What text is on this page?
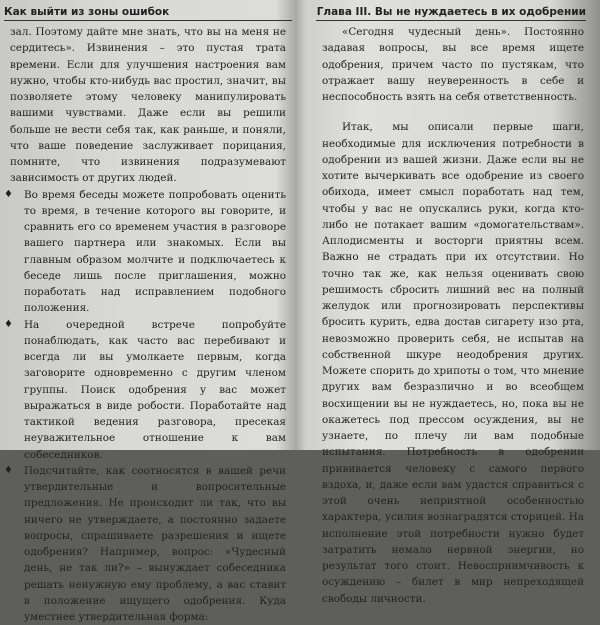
Как выйти из зоны ошибок

зал. Поэтому дайте мне знать, что вы на меня не сердитесь». Извинения – это пустая трата времени. Если для улучшения настроения вам нужно, чтобы кто-нибудь вас простил, значит, вы позволяете этому человеку манипулировать вашими чувствами. Даже если вы решили больше не вести себя так, как раньше, и поняли, что ваше поведение заслуживает порицания, помните, что извинения подразумевают зависимость от других людей.

♦ Во время беседы можете попробовать оценить то время, в течение которого вы говорите, и сравнить его со временем участия в разговоре вашего партнера или знакомых. Если вы главным образом молчите и подключаетесь к беседе лишь после приглашения, можно поработать над исправлением подобного положения.

♦ На очередной встрече попробуйте понаблюдать, как часто вас перебивают и всегда ли вы умолкаете первым, когда заговорите одновременно с другим членом группы. Поиск одобрения у вас может выражаться в виде робости. Поработайте над тактикой ведения разговора, пресекая неуважительное отношение к вам собеседников.

♦ Подсчитайте, как соотносятся в вашей речи утвердительные и вопросительные предложения. Не происходит ли так, что вы ничего не утверждаете, а постоянно задаете вопросы, спрашиваете разрешения и ищете одобрения? Например, вопрос: «Чудесный день, не так ли?» – вынуждает собеседника решать ненужную ему проблему, а вас ставит в положение ищущего одобрения. Куда уместнее утвердительная форма:

Глава III. Вы не нуждаетесь в их одобрении

«Сегодня чудесный день». Постоянно задавая вопросы, вы все время ищете одобрения, причем часто по пустякам, что отражает вашу неуверенность в себе и неспособность взять на себя ответственность.

Итак, мы описали первые шаги, необходимые для исключения потребности в одобрении из вашей жизни. Даже если вы не хотите вычеркивать все одобрение из своего обихода, имеет смысл поработать над тем, чтобы у вас не опускались руки, когда кто-либо не потакает вашим «домогательствам». Аплодисменты и восторги приятны всем. Важно не страдать при их отсутствии. Но точно так же, как нельзя оценивать свою решимость сбросить лишний вес на полный желудок или прогнозировать перспективы бросить курить, едва достав сигарету изо рта, невозможно проверить себя, не испытав на собственной шкуре неодобрения других. Можете спорить до хрипоты о том, что мнение других вам безразлично и во всеобщем восхищении вы не нуждаетесь, но, пока вы не окажетесь под прессом осуждения, вы не узнаете, по плечу ли вам подобные испытания. Потребность в одобрении прививается человеку с самого первого вздоха, и, даже если вам удастся справиться с этой очень неприятной особенностью характера, усилия вознаградятся сторицей. На исполнение этой потребности нужно будет затратить немало нервной энергии, но результат того стоит. Невосприимчивость к осуждению – билет в мир непреходящей свободы личности.
